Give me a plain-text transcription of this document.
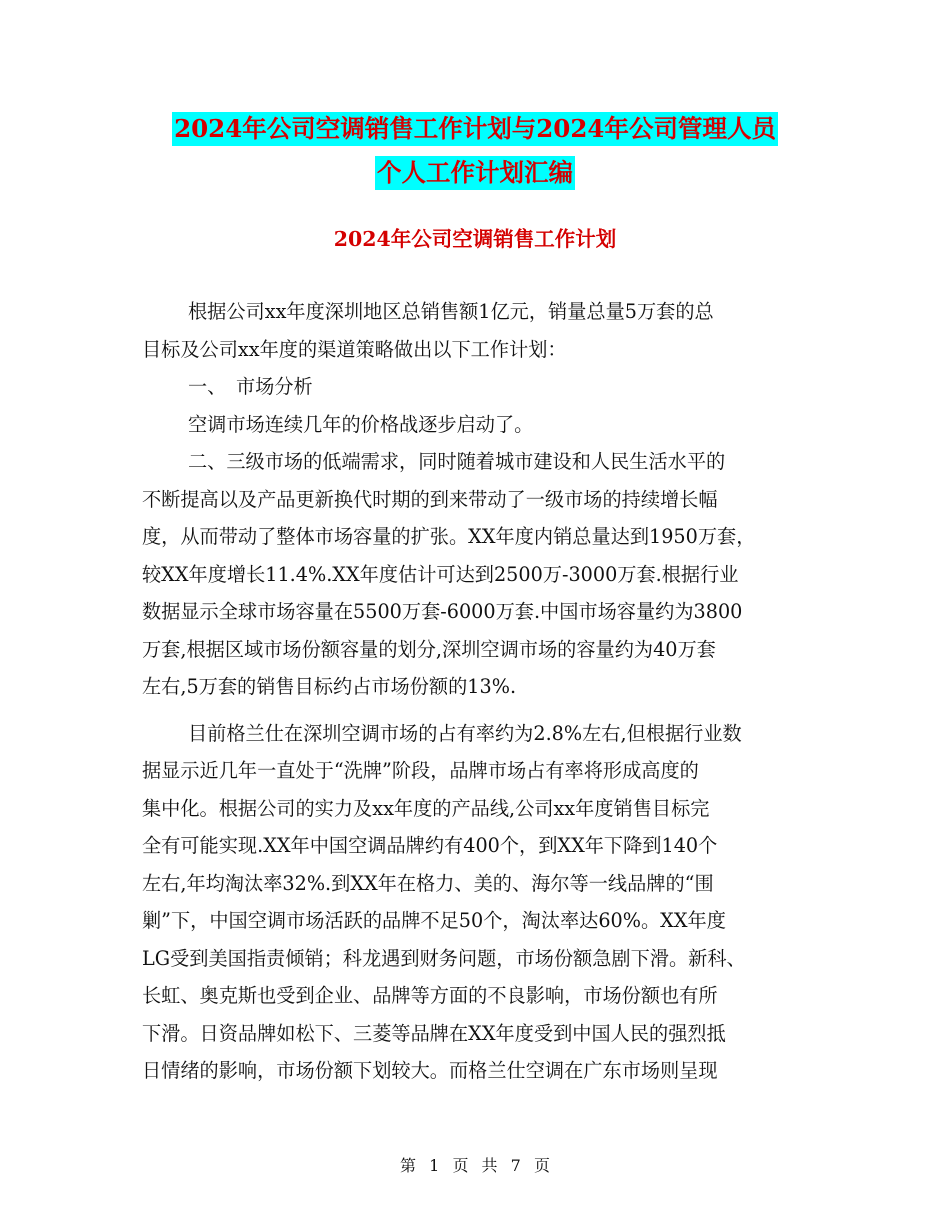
2024年公司空调销售工作计划与2024年公司管理人员
个人工作计划汇编
2024年公司空调销售工作计划
根据公司xx年度深圳地区总销售额1亿元，销量总量5万套的总
目标及公司xx年度的渠道策略做出以下工作计划：
一、　市场分析
空调市场连续几年的价格战逐步启动了。
二、三级市场的低端需求，同时随着城市建设和人民生活水平的
不断提高以及产品更新换代时期的到来带动了一级市场的持续增长幅
度，从而带动了整体市场容量的扩张。XX年度内销总量达到1950万套，
较XX年度增长11.4%.XX年度估计可达到2500万-3000万套.根据行业
数据显示全球市场容量在5500万套-6000万套.中国市场容量约为3800
万套,根据区域市场份额容量的划分,深圳空调市场的容量约为40万套
左右,5万套的销售目标约占市场份额的13%.
目前格兰仕在深圳空调市场的占有率约为2.8%左右,但根据行业数
据显示近几年一直处于“洗牌”阶段，品牌市场占有率将形成高度的
集中化。根据公司的实力及xx年度的产品线,公司xx年度销售目标完
全有可能实现.XX年中国空调品牌约有400个，到XX年下降到140个
左右,年均淘汰率32%.到XX年在格力、美的、海尔等一线品牌的“围
剿”下，中国空调市场活跃的品牌不足50个，淘汰率达60%。XX年度
LG受到美国指责倾销；科龙遇到财务问题，市场份额急剧下滑。新科、
长虹、奥克斯也受到企业、品牌等方面的不良影响，市场份额也有所
下滑。日资品牌如松下、三菱等品牌在XX年度受到中国人民的强烈抵
日情绪的影响，市场份额下划较大。而格兰仕空调在广东市场则呈现
第 1 页 共 7 页
